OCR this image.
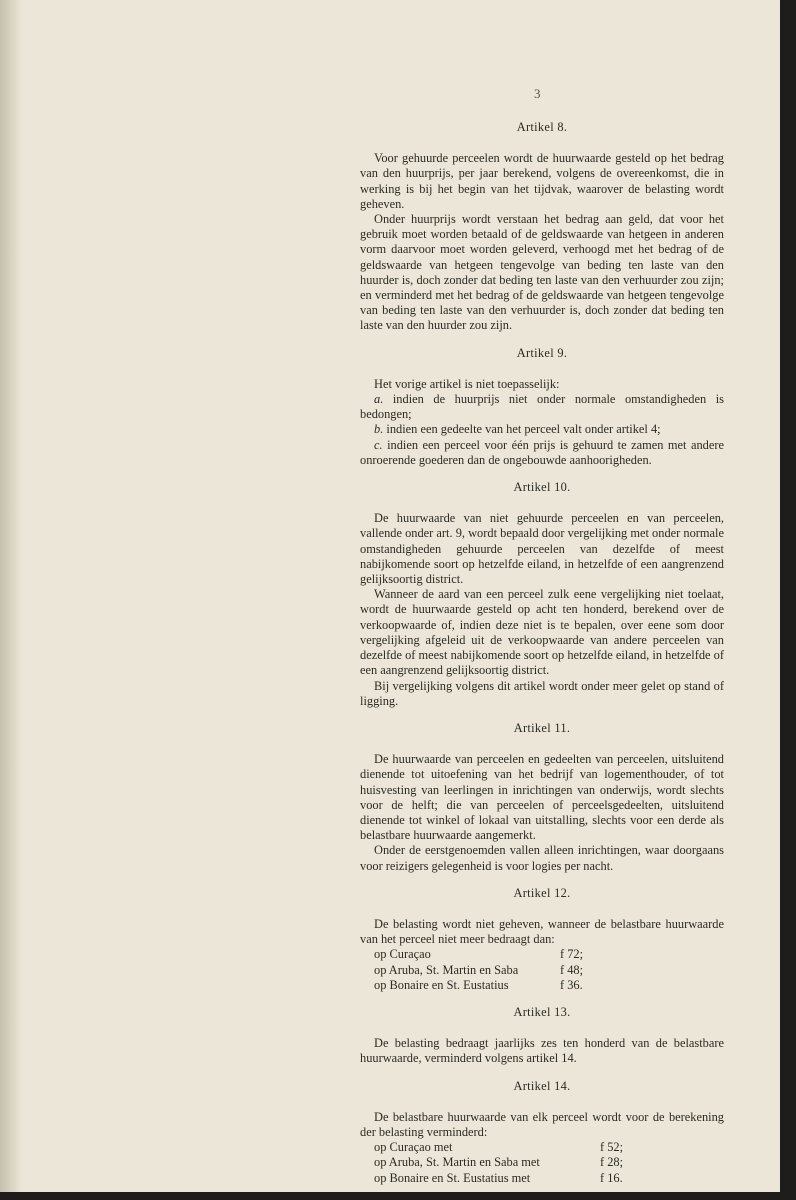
3
Artikel 8.

Voor gehuurde perceelen wordt de huurwaarde gesteld op het bedrag van den huurprijs, per jaar berekend, volgens de overeenkomst, die in werking is bij het begin van het tijdvak, waarover de belasting wordt geheven.

Onder huurprijs wordt verstaan het bedrag aan geld, dat voor het gebruik moet worden betaald of de geldswaarde van hetgeen in anderen vorm daarvoor moet worden geleverd, verhoogd met het bedrag of de geldswaarde van hetgeen tengevolge van beding ten laste van den huurder is, doch zonder dat beding ten laste van den verhuurder zou zijn; en verminderd met het bedrag of de geldswaarde van hetgeen tengevolge van beding ten laste van den verhuurder is, doch zonder dat beding ten laste van den huurder zou zijn.

Artikel 9.

Het vorige artikel is niet toepasselijk:

a. indien de huurprijs niet onder normale omstandigheden is bedongen;

b. indien een gedeelte van het perceel valt onder artikel 4;

c. indien een perceel voor één prijs is gehuurd te zamen met andere onroerende goederen dan de ongebouwde aanhoorigheden.

Artikel 10.

De huurwaarde van niet gehuurde perceelen en van perceelen, vallende onder art. 9, wordt bepaald door vergelijking met onder normale omstandigheden gehuurde perceelen van dezelfde of meest nabijkomende soort op hetzelfde eiland, in hetzelfde of een aangrenzend gelijksoortig district.

Wanneer de aard van een perceel zulk eene vergelijking niet toelaat, wordt de huurwaarde gesteld op acht ten honderd, berekend over de verkoopwaarde of, indien deze niet is te bepalen, over eene som door vergelijking afgeleid uit de verkoopwaarde van andere perceelen van dezelfde of meest nabijkomende soort op hetzelfde eiland, in hetzelfde of een aangrenzend gelijksoortig district.

Bij vergelijking volgens dit artikel wordt onder meer gelet op stand of ligging.

Artikel 11.

De huurwaarde van perceelen en gedeelten van perceelen, uitsluitend dienende tot uitoefening van het bedrijf van logementhouder, of tot huisvesting van leerlingen in inrichtingen van onderwijs, wordt slechts voor de helft; die van perceelen of perceelsgedeelten, uitsluitend dienende tot winkel of lokaal van uitstalling, slechts voor een derde als belastbare huurwaarde aangemerkt.

Onder de eerstgenoemden vallen alleen inrichtingen, waar doorgaans voor reizigers gelegenheid is voor logies per nacht.

Artikel 12.

De belasting wordt niet geheven, wanneer de belastbare huurwaarde van het perceel niet meer bedraagt dan:

op Curaçao	f 72;
op Aruba, St. Martin en Saba	f 48;
op Bonaire en St. Eustatius	f 36.
Artikel 13.

De belasting bedraagt jaarlijks zes ten honderd van de belastbare huurwaarde, verminderd volgens artikel 14.

Artikel 14.

De belastbare huurwaarde van elk perceel wordt voor de berekening der belasting verminderd:

op Curaçao met	f 52;
op Aruba, St. Martin en Saba met	f 28;
op Bonaire en St. Eustatius met	f 16.
